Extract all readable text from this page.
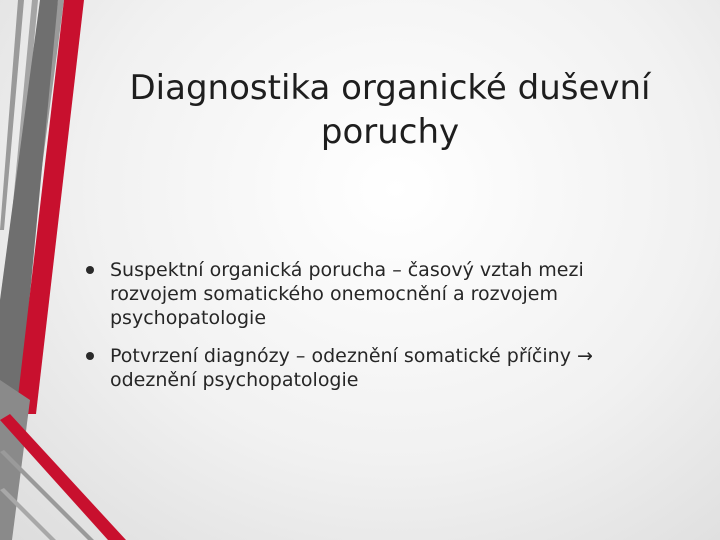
Diagnostika organické duševní poruchy
Suspektní organická porucha – časový vztah mezi rozvojem somatického onemocnění a rozvojem psychopatologie
Potvrzení diagnózy – odeznění somatické příčiny → odeznění psychopatologie
